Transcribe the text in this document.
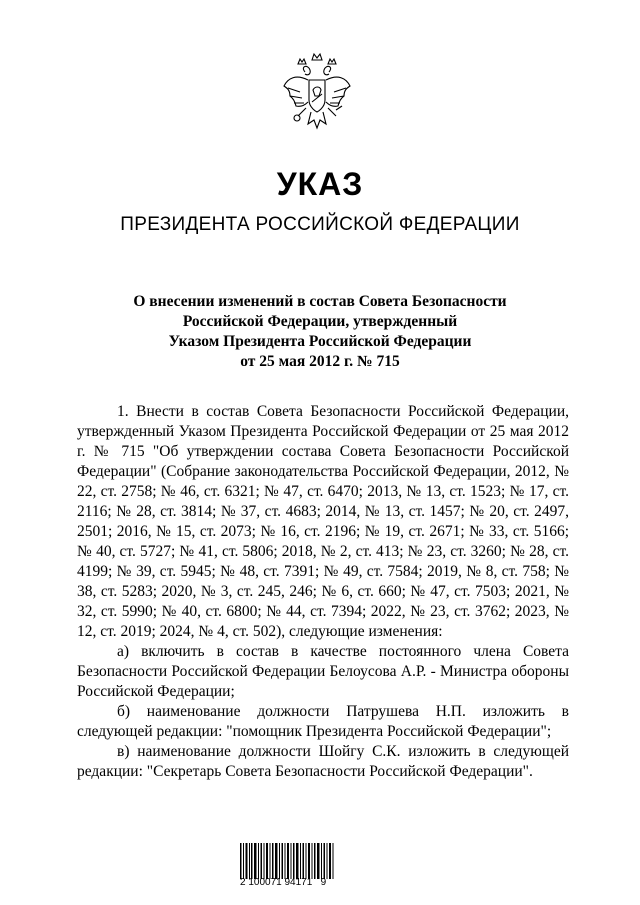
УКАЗ
ПРЕЗИДЕНТА РОССИЙСКОЙ ФЕДЕРАЦИИ
О внесении изменений в состав Совета Безопасности
Российской Федерации, утвержденный
Указом Президента Российской Федерации
от 25 мая 2012 г. № 715

1. Внести в состав Совета Безопасности Российской Федерации, утвержденный Указом Президента Российской Федерации от 25 мая 2012 г. № 715 "Об утверждении состава Совета Безопасности Российской Федерации" (Собрание законодательства Российской Федерации, 2012, № 22, ст. 2758; № 46, ст. 6321; № 47, ст. 6470; 2013, № 13, ст. 1523; № 17, ст. 2116; № 28, ст. 3814; № 37, ст. 4683; 2014, № 13, ст. 1457; № 20, ст. 2497, 2501; 2016, № 15, ст. 2073; № 16, ст. 2196; № 19, ст. 2671; № 33, ст. 5166; № 40, ст. 5727; № 41, ст. 5806; 2018, № 2, ст. 413; № 23, ст. 3260; № 28, ст. 4199; № 39, ст. 5945; № 48, ст. 7391; № 49, ст. 7584; 2019, № 8, ст. 758; № 38, ст. 5283; 2020, № 3, ст. 245, 246; № 6, ст. 660; № 47, ст. 7503; 2021, № 32, ст. 5990; № 40, ст. 6800; № 44, ст. 7394; 2022, № 23, ст. 3762; 2023, № 12, ст. 2019; 2024, № 4, ст. 502), следующие изменения:

а) включить в состав в качестве постоянного члена Совета Безопасности Российской Федерации Белоусова А.Р. - Министра обороны Российской Федерации;

б) наименование должности Патрушева Н.П. изложить в следующей редакции: "помощник Президента Российской Федерации";

в) наименование должности Шойгу С.К. изложить в следующей редакции: "Секретарь Совета Безопасности Российской Федерации".

2 100071 94171   9
